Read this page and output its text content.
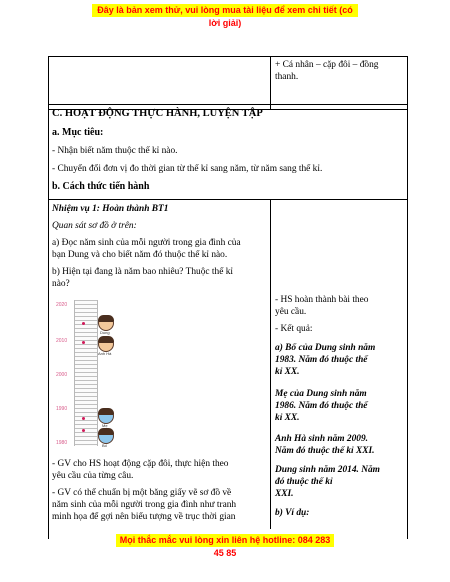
Đây là bản xem thử, vui lòng mua tài liệu để xem chi tiết (có lời giải)
Mọi thắc mắc vui lòng xin liên hệ hotline: 084 283 45 85
+ Cá nhân – cặp đôi – đồng
thanh.
C. HOẠT ĐỘNG THỰC HÀNH, LUYỆN TẬP
a. Mục tiêu:
- Nhận biết năm thuộc thế kỉ nào.
- Chuyển đổi đơn vị đo thời gian từ thế kỉ sang năm, từ năm sang thế kỉ.
b. Cách thức tiến hành
Nhiệm vụ 1: Hoàn thành BT1
Quan sát sơ đồ ở trên:
a) Đọc năm sinh của mỗi người trong gia đình của
bạn Dung và cho biết năm đó thuộc thế kỉ nào.
b) Hiện tại đang là năm bao nhiêu? Thuộc thế kỉ
nào?
2020
2010
2000
1990
1980
Dung
Anh Hà
Mẹ
Bố
- GV cho HS hoạt động cặp đôi, thực hiện theo
yêu cầu của từng câu.
- GV có thể chuẩn bị một băng giấy vẽ sơ đồ về
năm sinh của mỗi người trong gia đình như tranh
minh họa để gợi nên biểu tượng về trục thời gian
- HS hoàn thành bài theo
yêu cầu.
- Kết quả:
a) Bố của Dung sinh năm
1983. Năm đó thuộc thế
kỉ XX.
Mẹ của Dung sinh năm
1986. Năm đó thuộc thế
kỉ XX.
Anh Hà sinh năm 2009.
Năm đó thuộc thế kỉ XXI.
Dung sinh năm 2014. Năm
đó thuộc thế kỉ
XXI.
b) Ví dụ:
